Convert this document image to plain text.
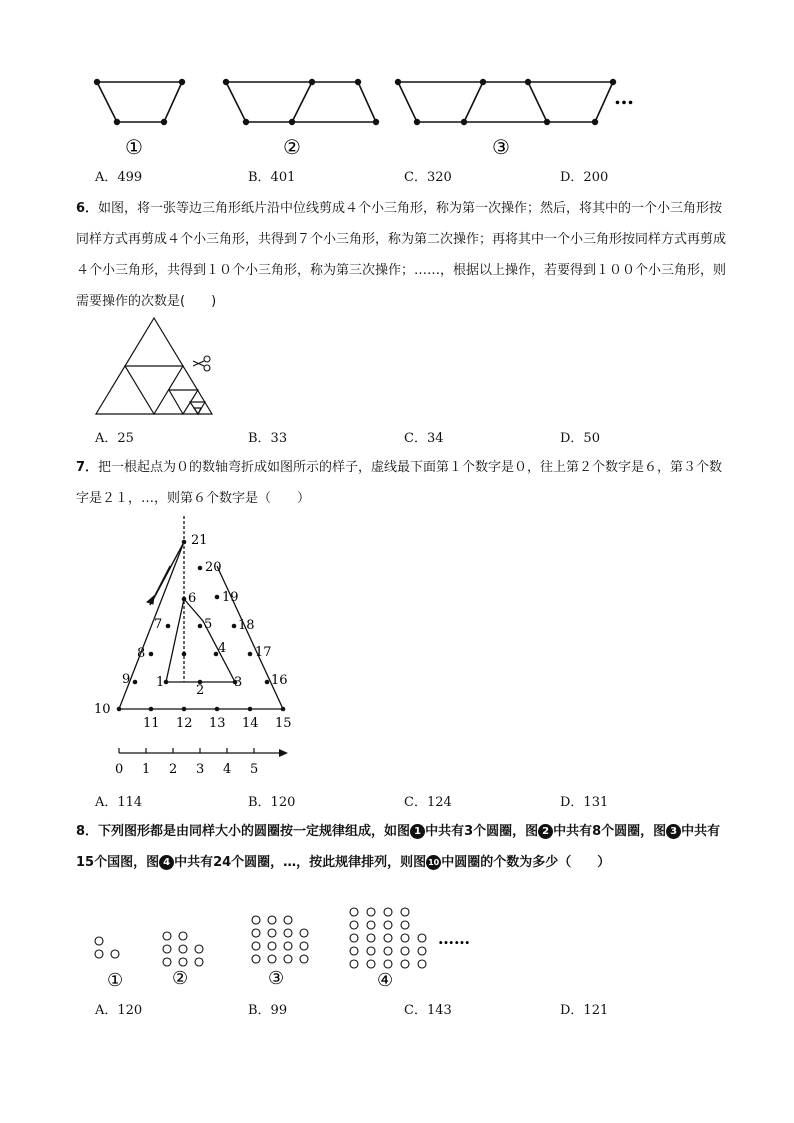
…
①	②	③
A．499	B．401	C．320	D．200
6．如图，将一张等边三角形纸片沿中位线剪成４个小三角形，称为第一次操作；然后，将其中的一个小三角形按同样方式再剪成４个小三角形，共得到７个小三角形，称为第二次操作；再将其中一个小三角形按同样方式再剪成４个小三角形，共得到１０个小三角形，称为第三次操作；……，根据以上操作，若要得到１００个小三角形，则需要操作的次数是(　　)
A．25	B．33	C．34	D．50
7．把一根起点为０的数轴弯折成如图所示的样子，虚线最下面第１个数字是０，往上第２个数字是６，第３个数字是２１，…，则第６个数字是（　　）
21
20
19
18
17
16
15
14
13
12
11
10
9
8
7
6
5
4
3
2
1
0 1 2 3 4 5
A．114	B．120	C．124	D．131
8．下列图形都是由同样大小的圆圈按一定规律组成，如图 1 中共有3个圆圈，图 2 中共有8个圆圈，图 3 中共有15个国图，图 4 中共有24个圆圈，…，按此规律排列，则图 10 中圆圈的个数为多少（　　）
……
①	②	③	④
A．120	B．99	C．143	D．121
